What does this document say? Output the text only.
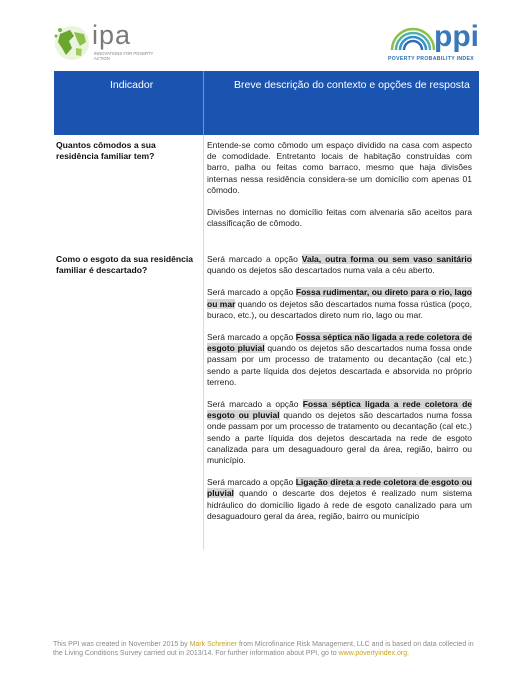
ipa
INNOVATIONS FOR POVERTY ACTION
ppi
POVERTY PROBABILITY INDEX
Indicador	Breve descrição do contexto e opções de resposta
Quantos cômodos a sua residência familiar tem?

Entende-se como cômodo um espaço dividido na casa com aspecto de comodidade. Entretanto locais de habitação construídas com barro, palha ou feitas como barraco, mesmo que haja divisões internas nessa residência considera-se um domicílio com apenas 01 cômodo.

Divisões internas no domicílio feitas com alvenaria são aceitos para classificação de cômodo.

Como o esgoto da sua residência familiar é descartado?

Será marcado a opção Vala, outra forma ou sem vaso sanitário quando os dejetos são descartados numa vala a céu aberto.

Será marcado a opção Fossa rudimentar, ou direto para o rio, lago ou mar quando os dejetos são descartados numa fossa rústica (poço, buraco, etc.), ou descartados direto num rio, lago ou mar.

Será marcado a opção Fossa séptica não ligada a rede coletora de esgoto pluvial quando os dejetos são descartados numa fossa onde passam por um processo de tratamento ou decantação (cal etc.) sendo a parte líquida dos dejetos descartada e absorvida no próprio terreno.

Será marcado a opção Fossa séptica ligada a rede coletora de esgoto ou pluvial quando os dejetos são descartados numa fossa onde passam por um processo de tratamento ou decantação (cal etc.) sendo a parte líquida dos dejetos descartada na rede de esgoto canalizada para um desaguadouro geral da área, região, bairro ou município.

Será marcado a opção Ligação direta a rede coletora de esgoto ou pluvial quando o descarte dos dejetos é realizado num sistema hidráulico do domicílio ligado à rede de esgoto canalizado para um desaguadouro geral da área, região, bairro ou município

This PPI was created in November 2015 by Mark Schreiner from Microfinance Risk Management, LLC and is based on data collected in the Living Conditions Survey carried out in 2013/14. For further information about PPI, go to www.povertyindex.org.
